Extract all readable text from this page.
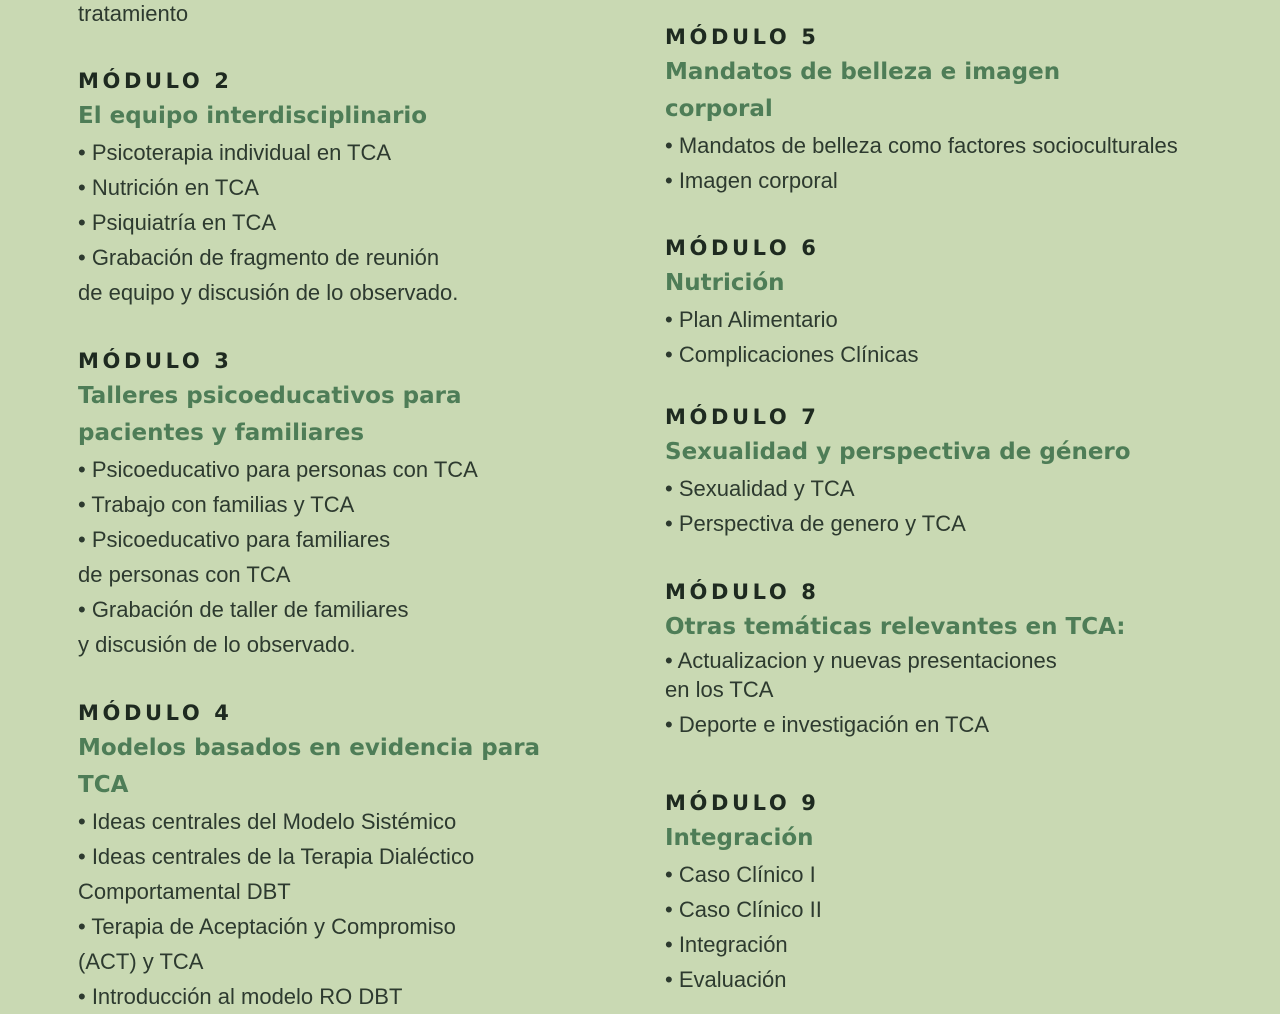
tratamiento
MÓDULO 2
El equipo interdisciplinario
• Psicoterapia individual en TCA
• Nutrición en TCA
• Psiquiatría en TCA
• Grabación de fragmento de reunión
de equipo y discusión de lo observado.
MÓDULO 3
Talleres psicoeducativos para pacientes y familiares
• Psicoeducativo para personas con TCA
• Trabajo con familias y TCA
• Psicoeducativo para familiares
de personas con TCA
• Grabación de taller de familiares
y discusión de lo observado.
MÓDULO 4
Modelos basados en evidencia para TCA
• Ideas centrales del Modelo Sistémico
• Ideas centrales de la Terapia Dialéctico
Comportamental DBT
• Terapia de Aceptación y Compromiso
(ACT) y TCA
• Introducción al modelo RO DBT
MÓDULO 5
Mandatos de belleza e imagen corporal
• Mandatos de belleza como factores socioculturales
• Imagen corporal
MÓDULO 6
Nutrición
• Plan Alimentario
• Complicaciones Clínicas
MÓDULO 7
Sexualidad y perspectiva de género
• Sexualidad y TCA
• Perspectiva de genero y TCA
MÓDULO 8
Otras temáticas relevantes en TCA:
• Actualizacion y nuevas presentaciones
en los TCA
• Deporte e investigación en TCA
MÓDULO 9
Integración
• Caso Clínico I
• Caso Clínico II
• Integración
• Evaluación
